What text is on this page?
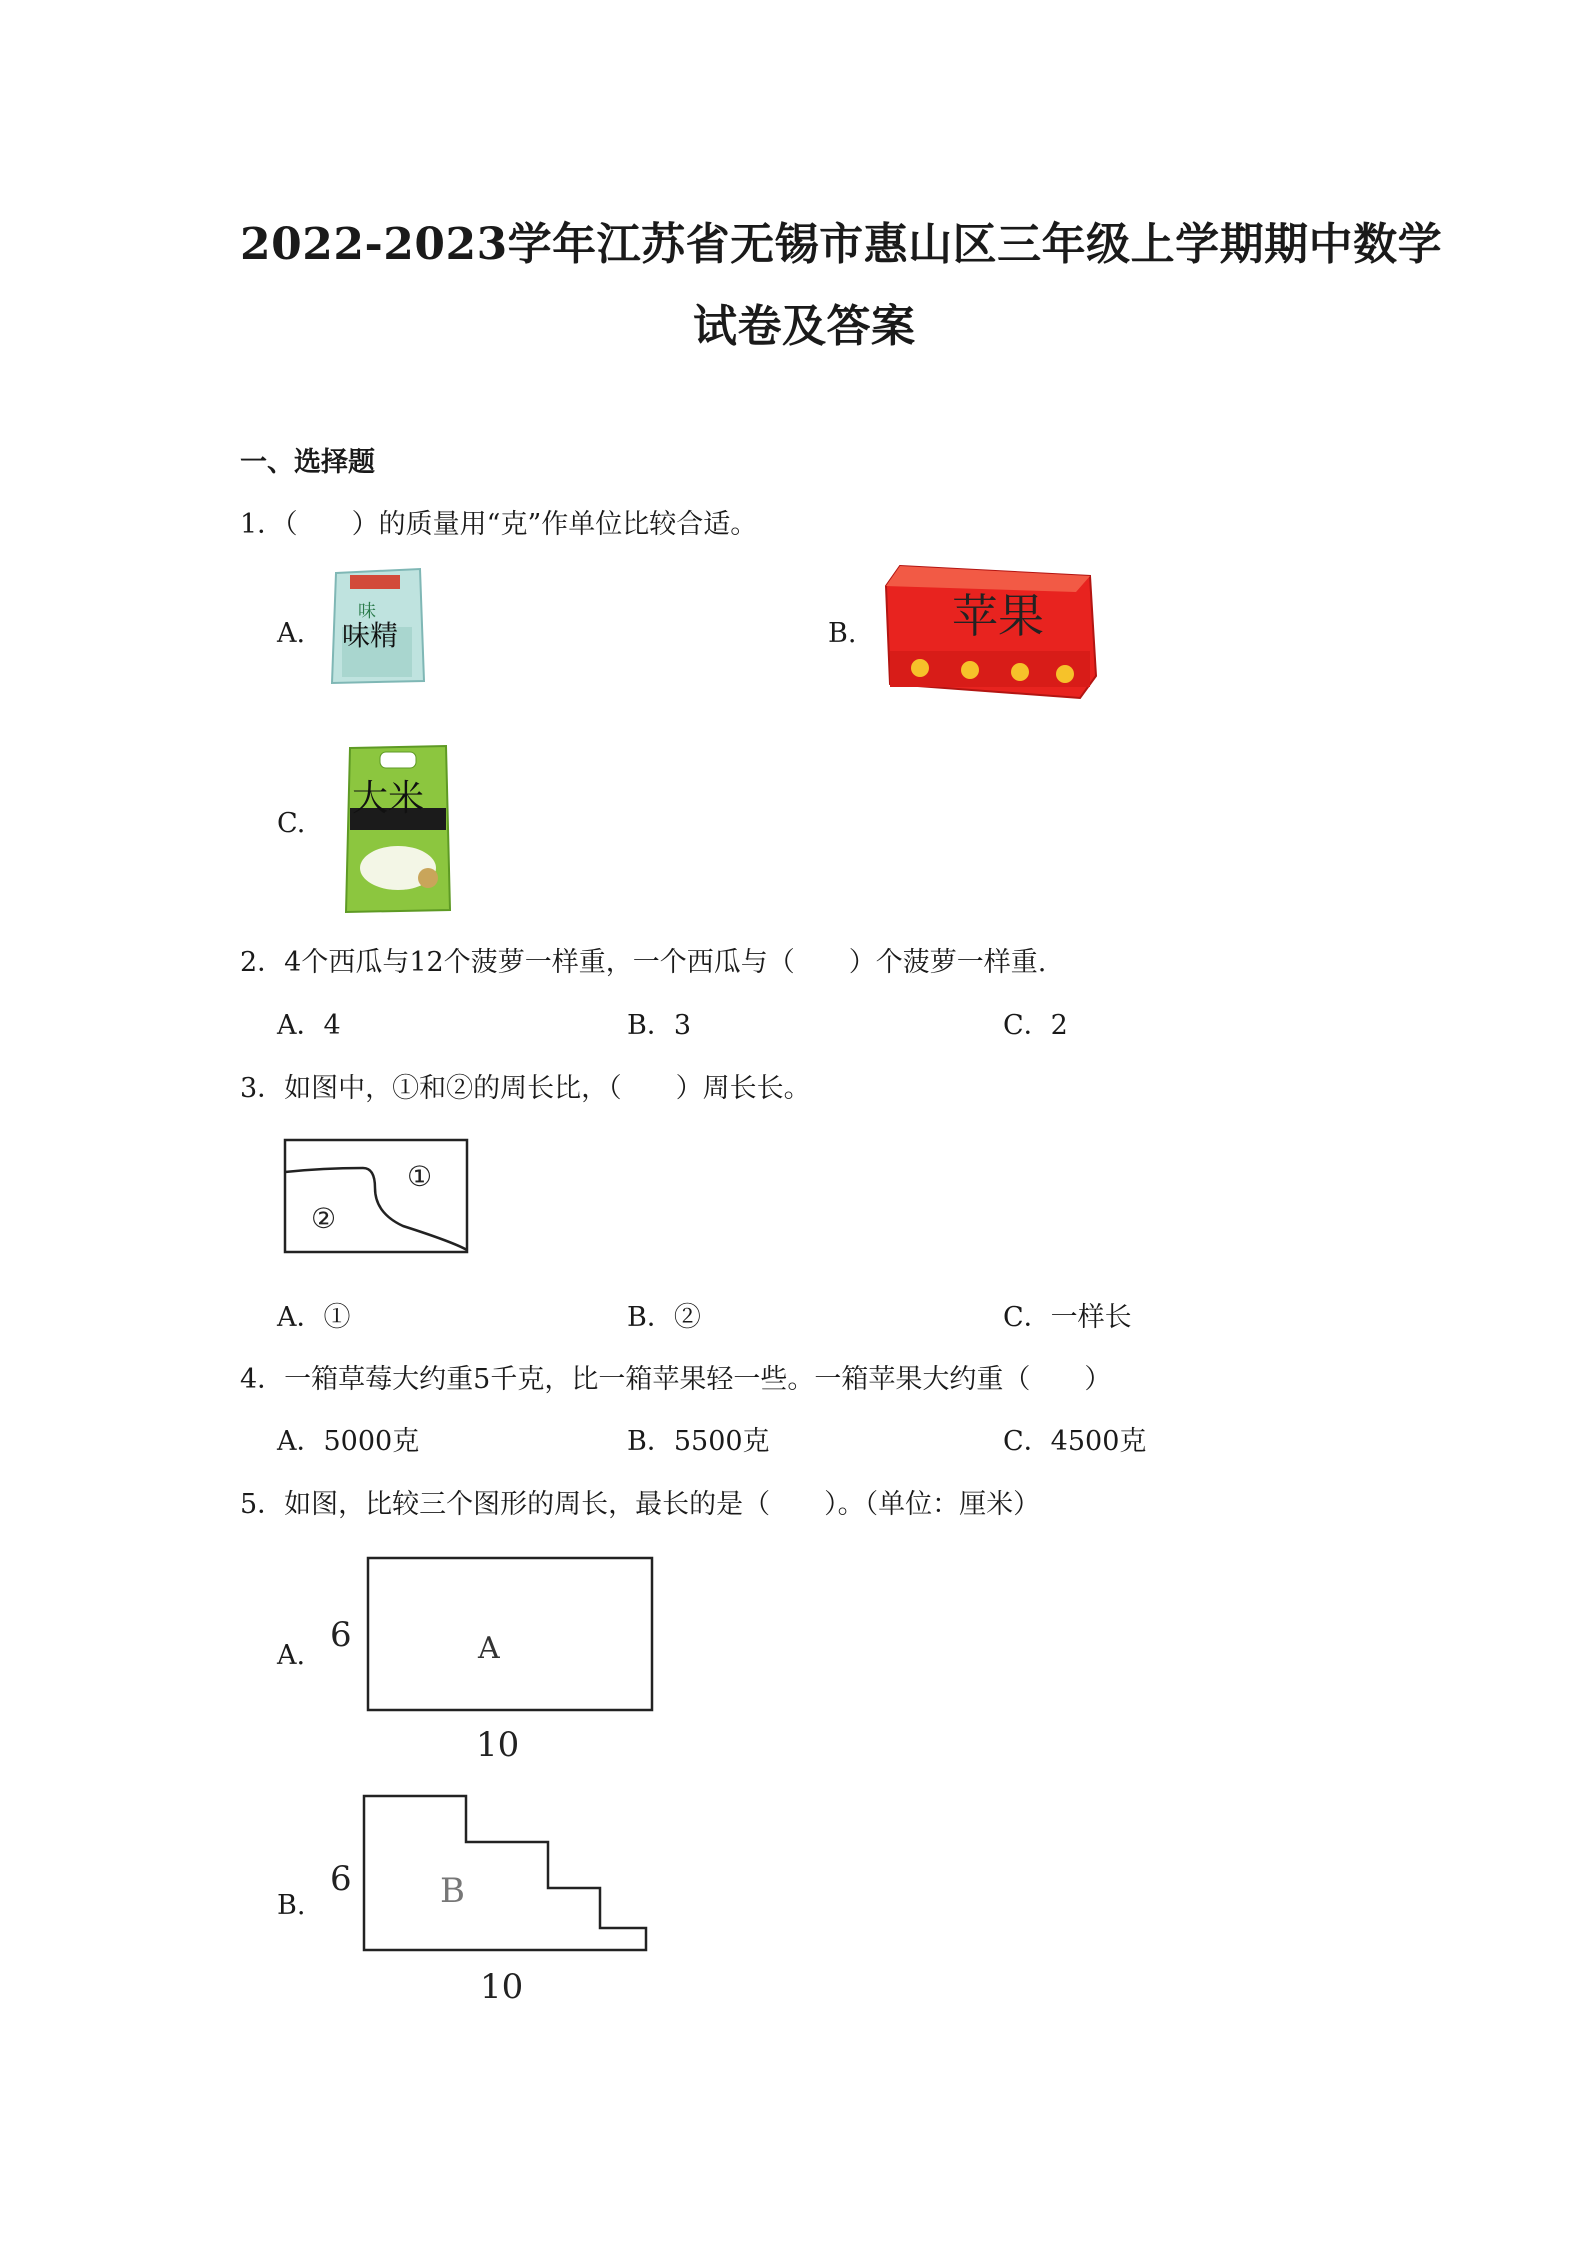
2022-2023学年江苏省无锡市惠山区三年级上学期期中数学
试卷及答案
一、选择题
1．（　　）的质量用“克”作单位比较合适。
A.	B.
C.
味
味精	苹果
大米
2．4个西瓜与12个菠萝一样重，一个西瓜与（　　）个菠萝一样重.
A．4	B．3	C．2
3．如图中，①和②的周长比，（　　）周长长。
①
②
A．①	B．②	C．一样长
4．一箱草莓大约重5千克，比一箱苹果轻一些。一箱苹果大约重（　　）
A．5000克	B．5500克	C．4500克
5．如图，比较三个图形的周长，最长的是（　　）。（单位：厘米）
A.
6	A
10
B.
6	B
10
